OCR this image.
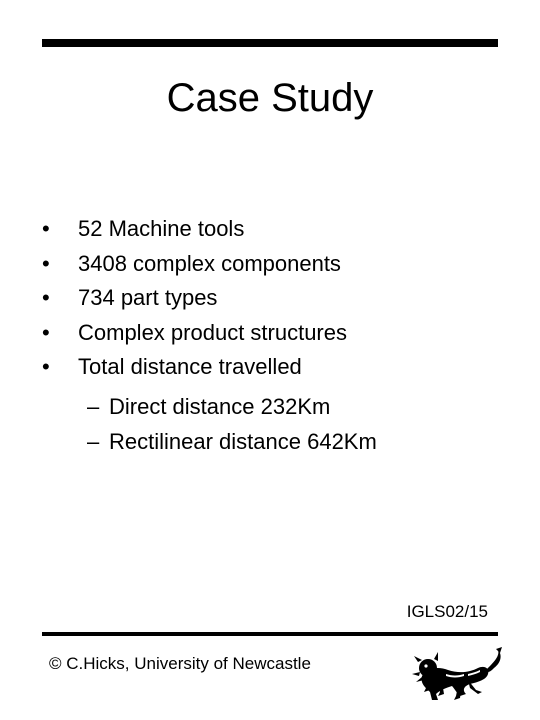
Case Study
•	52 Machine tools
•	3408 complex components
•	734 part types
•	Complex product structures
•	Total distance travelled
– Direct distance 232Km
– Rectilinear distance 642Km
IGLS02/15
© C.Hicks, University of Newcastle
